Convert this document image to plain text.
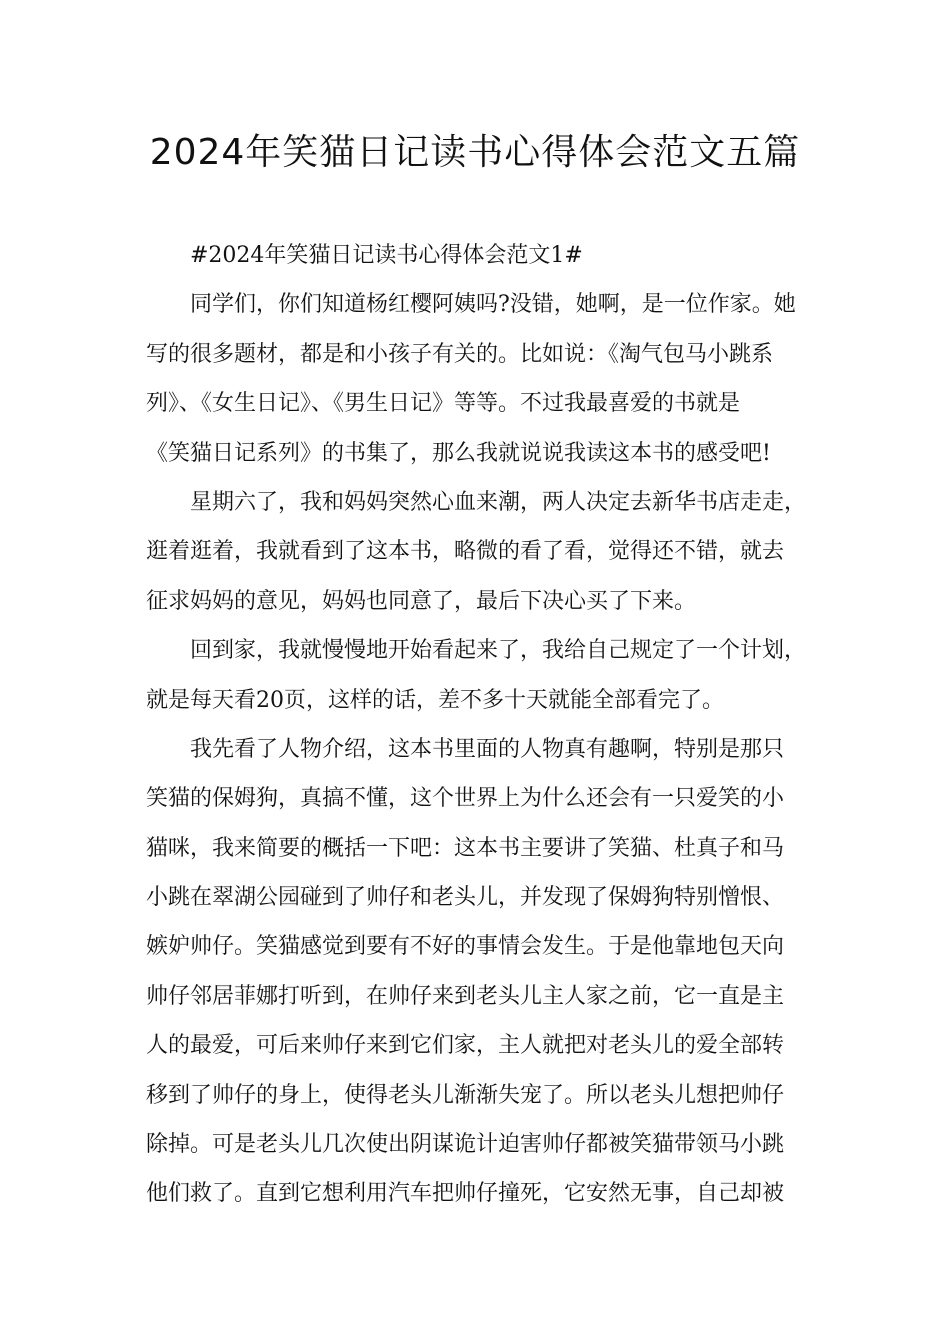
2024年笑猫日记读书心得体会范文五篇
#2024年笑猫日记读书心得体会范文1#
同学们，你们知道杨红樱阿姨吗?没错，她啊，是一位作家。她
写的很多题材，都是和小孩子有关的。比如说：《淘气包马小跳系
列》、《女生日记》、《男生日记》等等。不过我最喜爱的书就是
《笑猫日记系列》的书集了，那么我就说说我读这本书的感受吧!
星期六了，我和妈妈突然心血来潮，两人决定去新华书店走走，
逛着逛着，我就看到了这本书，略微的看了看，觉得还不错，就去
征求妈妈的意见，妈妈也同意了，最后下决心买了下来。
回到家，我就慢慢地开始看起来了，我给自己规定了一个计划，
就是每天看20页，这样的话，差不多十天就能全部看完了。
我先看了人物介绍，这本书里面的人物真有趣啊，特别是那只
笑猫的保姆狗，真搞不懂，这个世界上为什么还会有一只爱笑的小
猫咪，我来简要的概括一下吧：这本书主要讲了笑猫、杜真子和马
小跳在翠湖公园碰到了帅仔和老头儿，并发现了保姆狗特别憎恨、
嫉妒帅仔。笑猫感觉到要有不好的事情会发生。于是他靠地包天向
帅仔邻居菲娜打听到，在帅仔来到老头儿主人家之前，它一直是主
人的最爱，可后来帅仔来到它们家，主人就把对老头儿的爱全部转
移到了帅仔的身上，使得老头儿渐渐失宠了。所以老头儿想把帅仔
除掉。可是老头儿几次使出阴谋诡计迫害帅仔都被笑猫带领马小跳
他们救了。直到它想利用汽车把帅仔撞死，它安然无事，自己却被
